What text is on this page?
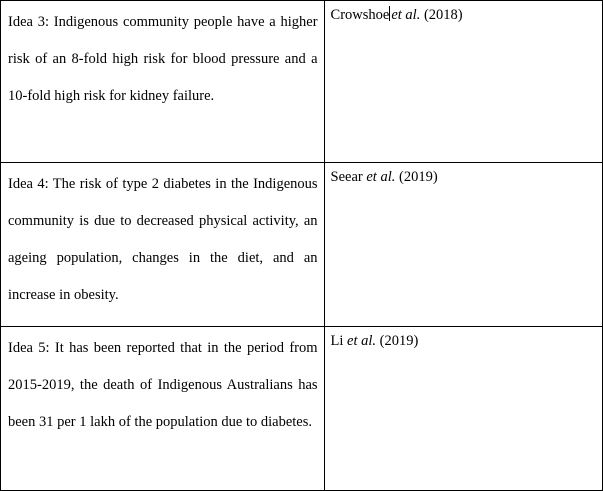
Idea 3: Indigenous community people have a higher risk of an 8-fold high risk for blood pressure and a 10-fold high risk for kidney failure.	Crowshoe et al. (2018)

Idea 4: The risk of type 2 diabetes in the Indigenous community is due to decreased physical activity, an ageing population, changes in the diet, and an increase in obesity.	Seear et al. (2019)

Idea 5: It has been reported that in the period from 2015-2019, the death of Indigenous Australians has been 31 per 1 lakh of the population due to diabetes.	Li et al. (2019)
